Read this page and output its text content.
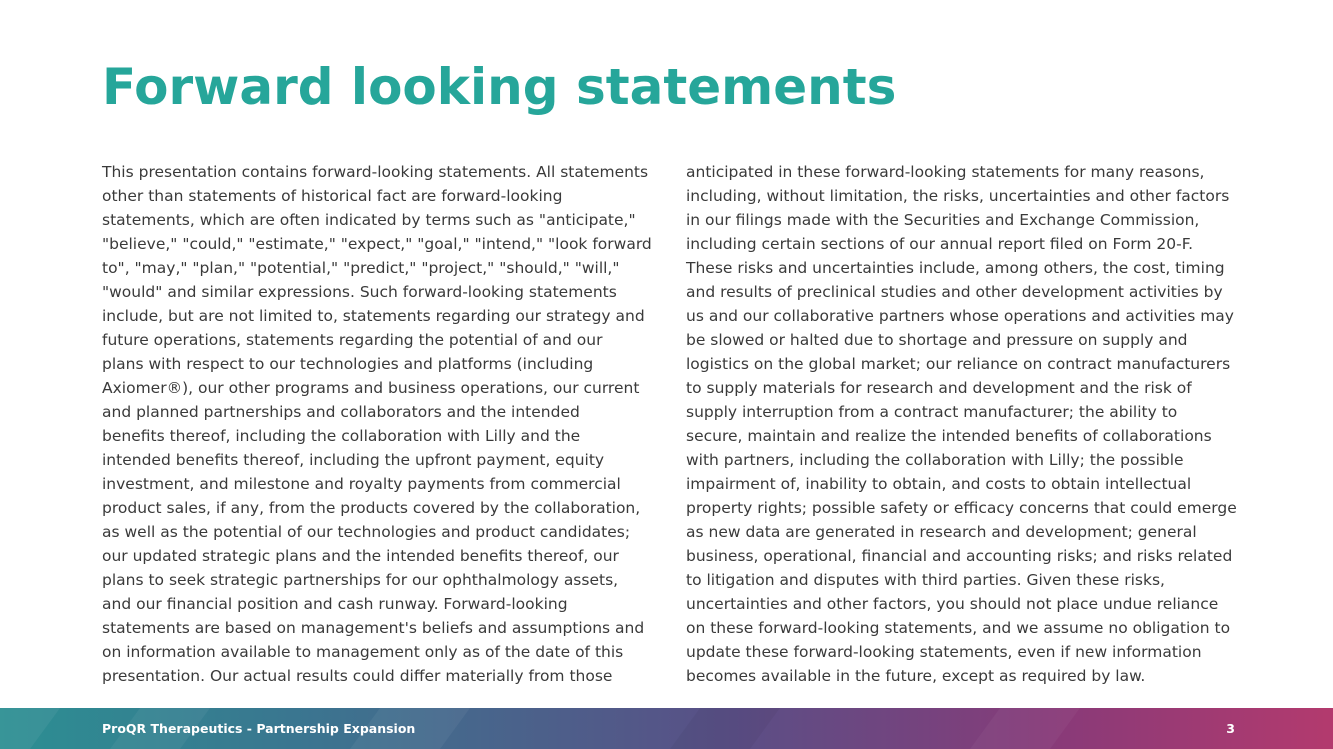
Forward looking statements
This presentation contains forward-looking statements. All statements
other than statements of historical fact are forward-looking
statements, which are often indicated by terms such as "anticipate,"
"believe," "could," "estimate," "expect," "goal," "intend," "look forward
to", "may," "plan," "potential," "predict," "project," "should," "will,"
"would" and similar expressions. Such forward-looking statements
include, but are not limited to, statements regarding our strategy and
future operations, statements regarding the potential of and our
plans with respect to our technologies and platforms (including
Axiomer®), our other programs and business operations, our current
and planned partnerships and collaborators and the intended
benefits thereof, including the collaboration with Lilly and the
intended benefits thereof, including the upfront payment, equity
investment, and milestone and royalty payments from commercial
product sales, if any, from the products covered by the collaboration,
as well as the potential of our technologies and product candidates;
our updated strategic plans and the intended benefits thereof, our
plans to seek strategic partnerships for our ophthalmology assets,
and our financial position and cash runway. Forward-looking
statements are based on management's beliefs and assumptions and
on information available to management only as of the date of this
presentation. Our actual results could differ materially from those
anticipated in these forward-looking statements for many reasons,
including, without limitation, the risks, uncertainties and other factors
in our filings made with the Securities and Exchange Commission,
including certain sections of our annual report filed on Form 20-F.
These risks and uncertainties include, among others, the cost, timing
and results of preclinical studies and other development activities by
us and our collaborative partners whose operations and activities may
be slowed or halted due to shortage and pressure on supply and
logistics on the global market; our reliance on contract manufacturers
to supply materials for research and development and the risk of
supply interruption from a contract manufacturer; the ability to
secure, maintain and realize the intended benefits of collaborations
with partners, including the collaboration with Lilly; the possible
impairment of, inability to obtain, and costs to obtain intellectual
property rights; possible safety or efficacy concerns that could emerge
as new data are generated in research and development; general
business, operational, financial and accounting risks; and risks related
to litigation and disputes with third parties. Given these risks,
uncertainties and other factors, you should not place undue reliance
on these forward-looking statements, and we assume no obligation to
update these forward-looking statements, even if new information
becomes available in the future, except as required by law.
ProQR Therapeutics - Partnership Expansion	3
